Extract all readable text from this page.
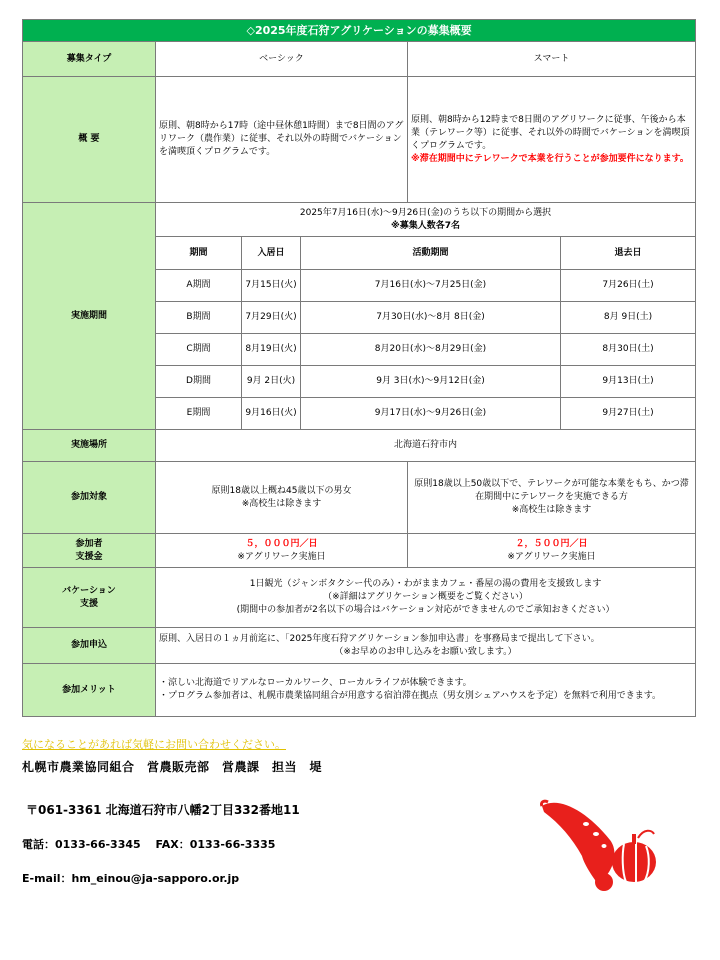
◇2025年度石狩アグリケーションの募集概要					
募集タイプ	ベーシック			スマート	
概 要	原則、朝8時から17時（途中昼休憩1時間）まで8日間のアグリワーク（農作業）に従事、それ以外の時間でバケーションを満喫頂くプログラムです。			原則、朝8時から12時まで8日間のアグリワークに従事、午後から本業（テレワーク等）に従事、それ以外の時間でバケーションを満喫頂くプログラムです。
※滞在期間中にテレワークで本業を行うことが参加要件になります。	
実施期間	2025年7月16日(水)～9月26日(金)のうち以下の期間から選択
※募集人数各7名				
	期間	入居日	活動期間		退去日
	A期間	7月15日(火)	7月16日(水)～7月25日(金)		7月26日(土)
	B期間	7月29日(火)	7月30日(水)～8月 8日(金)		8月 9日(土)
	C期間	8月19日(火)	8月20日(水)～8月29日(金)		8月30日(土)
	D期間	9月 2日(火)	9月 3日(水)～9月12日(金)		9月13日(土)
	E期間	9月16日(火)	9月17日(水)～9月26日(金)		9月27日(土)
実施場所	北海道石狩市内				
参加対象	原則18歳以上概ね45歳以下の男女
※高校生は除きます			原則18歳以上50歳以下で、テレワークが可能な本業をもち、かつ滞在期間中にテレワークを実施できる方
※高校生は除きます	
参加者
支援金	５，０００円／日
※アグリワーク実施日			２，５００円／日
※アグリワーク実施日	
バケーション
支援	1日観光（ジャンボタクシー代のみ）・わがままカフェ・番屋の湯の費用を支援致します
（※詳細はアグリケーション概要をご覧ください）
(期間中の参加者が2名以下の場合はバケーション対応ができませんのでご承知おきください）				
参加申込	原則、入居日の１ヵ月前迄に、「2025年度石狩アグリケーション参加申込書」を事務局まで提出して下さい。

（※お早めのお申し込みをお願い致します。）				

参加メリット	・涼しい北海道でリアルなローカルワーク、ローカルライフが体験できます。
・プログラム参加者は、札幌市農業協同組合が用意する宿泊滞在拠点（男女別シェアハウスを予定）を無料で利用できます。				
気になることがあれば気軽にお問い合わせください。
札幌市農業協同組合　営農販売部　営農課　担当　堤
〒061-3361 北海道石狩市八幡2丁目332番地11
電話：0133-66-3345　 FAX：0133-66-3335
E-mail：hm_einou@ja-sapporo.or.jp
